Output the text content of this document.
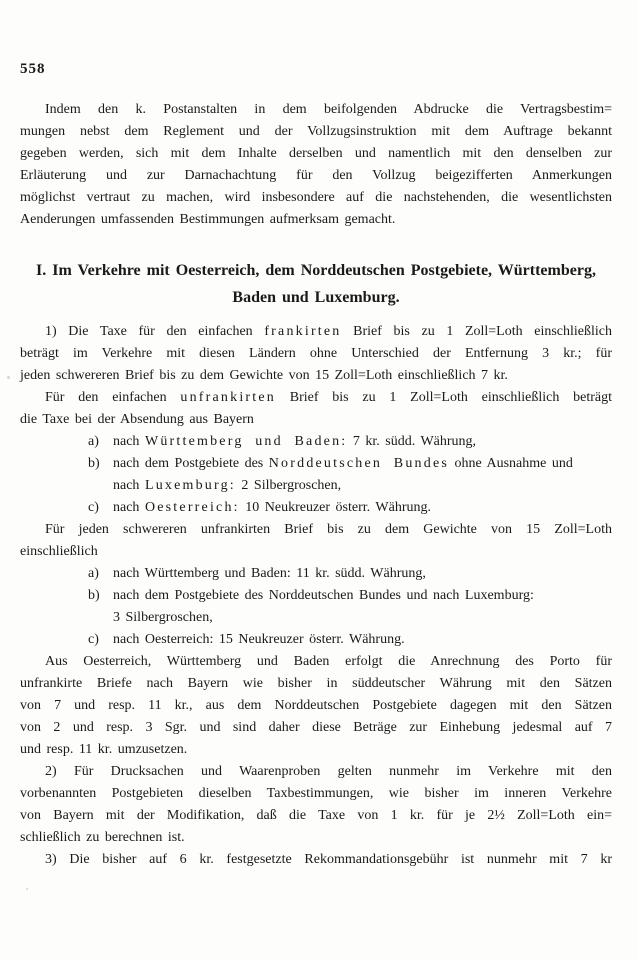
558
Indem den k. Postanstalten in dem beifolgenden Abdrucke die Vertragsbestim=
mungen nebst dem Reglement und der Vollzugsinstruktion mit dem Auftrage bekannt
gegeben werden, sich mit dem Inhalte derselben und namentlich mit den denselben zur
Erläuterung und zur Darnachachtung für den Vollzug beigezifferten Anmerkungen
möglichst vertraut zu machen, wird insbesondere auf die nachstehenden, die wesentlichsten
Aenderungen umfassenden Bestimmungen aufmerksam gemacht.
I. Im Verkehre mit Oesterreich, dem Norddeutschen Postgebiete, Württemberg,
Baden und Luxemburg.
1) Die Taxe für den einfachen frankirten Brief bis zu 1 Zoll=Loth einschließlich
beträgt im Verkehre mit diesen Ländern ohne Unterschied der Entfernung 3 kr.; für
jeden schwereren Brief bis zu dem Gewichte von 15 Zoll=Loth einschließlich 7 kr.
Für den einfachen unfrankirten Brief bis zu 1 Zoll=Loth einschließlich beträgt
die Taxe bei der Absendung aus Bayern
a)	nach Württemberg und Baden: 7 kr. südd. Währung,
b) nach dem Postgebiete des Norddeutschen Bundes ohne Ausnahme und
nach Luxemburg: 2 Silbergroschen,
c)	nach Oesterreich: 10 Neukreuzer österr. Währung.
Für jeden schwereren unfrankirten Brief bis zu dem Gewichte von 15 Zoll=Loth
einschließlich
a)	nach Württemberg und Baden: 11 kr. südd. Währung,
b) nach dem Postgebiete des Norddeutschen Bundes und nach Luxemburg:
3 Silbergroschen,
c)	nach Oesterreich: 15 Neukreuzer österr. Währung.
Aus Oesterreich, Württemberg und Baden erfolgt die Anrechnung des Porto für
unfrankirte Briefe nach Bayern wie bisher in süddeutscher Währung mit den Sätzen
von 7 und resp. 11 kr., aus dem Norddeutschen Postgebiete dagegen mit den Sätzen
von 2 und resp. 3 Sgr. und sind daher diese Beträge zur Einhebung jedesmal auf 7
und resp. 11 kr. umzusetzen.
2) Für Drucksachen und Waarenproben gelten nunmehr im Verkehre mit den
vorbenannten Postgebieten dieselben Taxbestimmungen, wie bisher im inneren Verkehre
von Bayern mit der Modifikation, daß die Taxe von 1 kr. für je 2½ Zoll=Loth ein=
schließlich zu berechnen ist.
3) Die bisher auf 6 kr. festgesetzte Rekommandationsgebühr ist nunmehr mit 7 kr
